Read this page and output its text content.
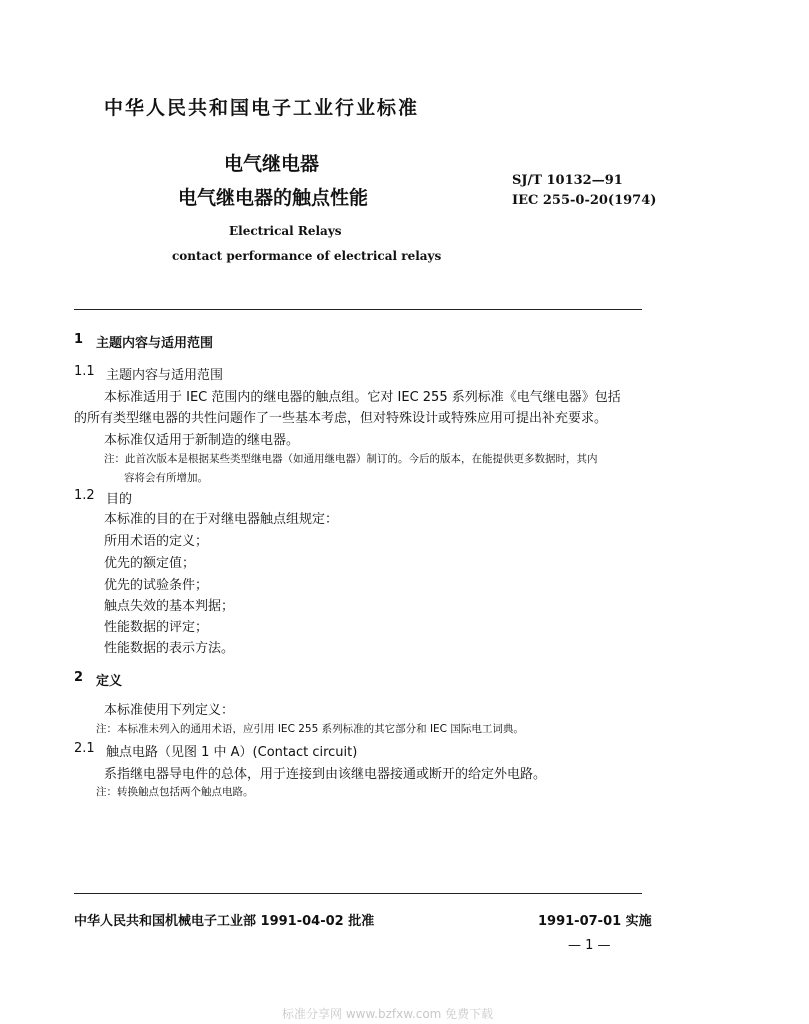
中华人民共和国电子工业行业标准
电气继电器
电气继电器的触点性能
SJ/T 10132—91
IEC 255-0-20(1974)
Electrical Relays
contact performance of electrical relays
1 主题内容与适用范围
1.1 主题内容与适用范围
本标准适用于 IEC 范围内的继电器的触点组。它对 IEC 255 系列标准《电气继电器》包括
的所有类型继电器的共性问题作了一些基本考虑，但对特殊设计或特殊应用可提出补充要求。
本标准仅适用于新制造的继电器。
注：此首次版本是根据某些类型继电器（如通用继电器）制订的。今后的版本，在能提供更多数据时，其内
容将会有所增加。
1.2 目的
本标准的目的在于对继电器触点组规定：
所用术语的定义；
优先的额定值；
优先的试验条件；
触点失效的基本判据；
性能数据的评定；
性能数据的表示方法。
2 定义
本标准使用下列定义：
注：本标准未列入的通用术语，应引用 IEC 255 系列标准的其它部分和 IEC 国际电工词典。
2.1 触点电路（见图 1 中 A）(Contact circuit)
系指继电器导电件的总体，用于连接到由该继电器接通或断开的给定外电路。
注：转换触点包括两个触点电路。
中华人民共和国机械电子工业部 1991-04-02 批准	1991-07-01 实施
— 1 —
标准分享网 www.bzfxw.com 免费下载
